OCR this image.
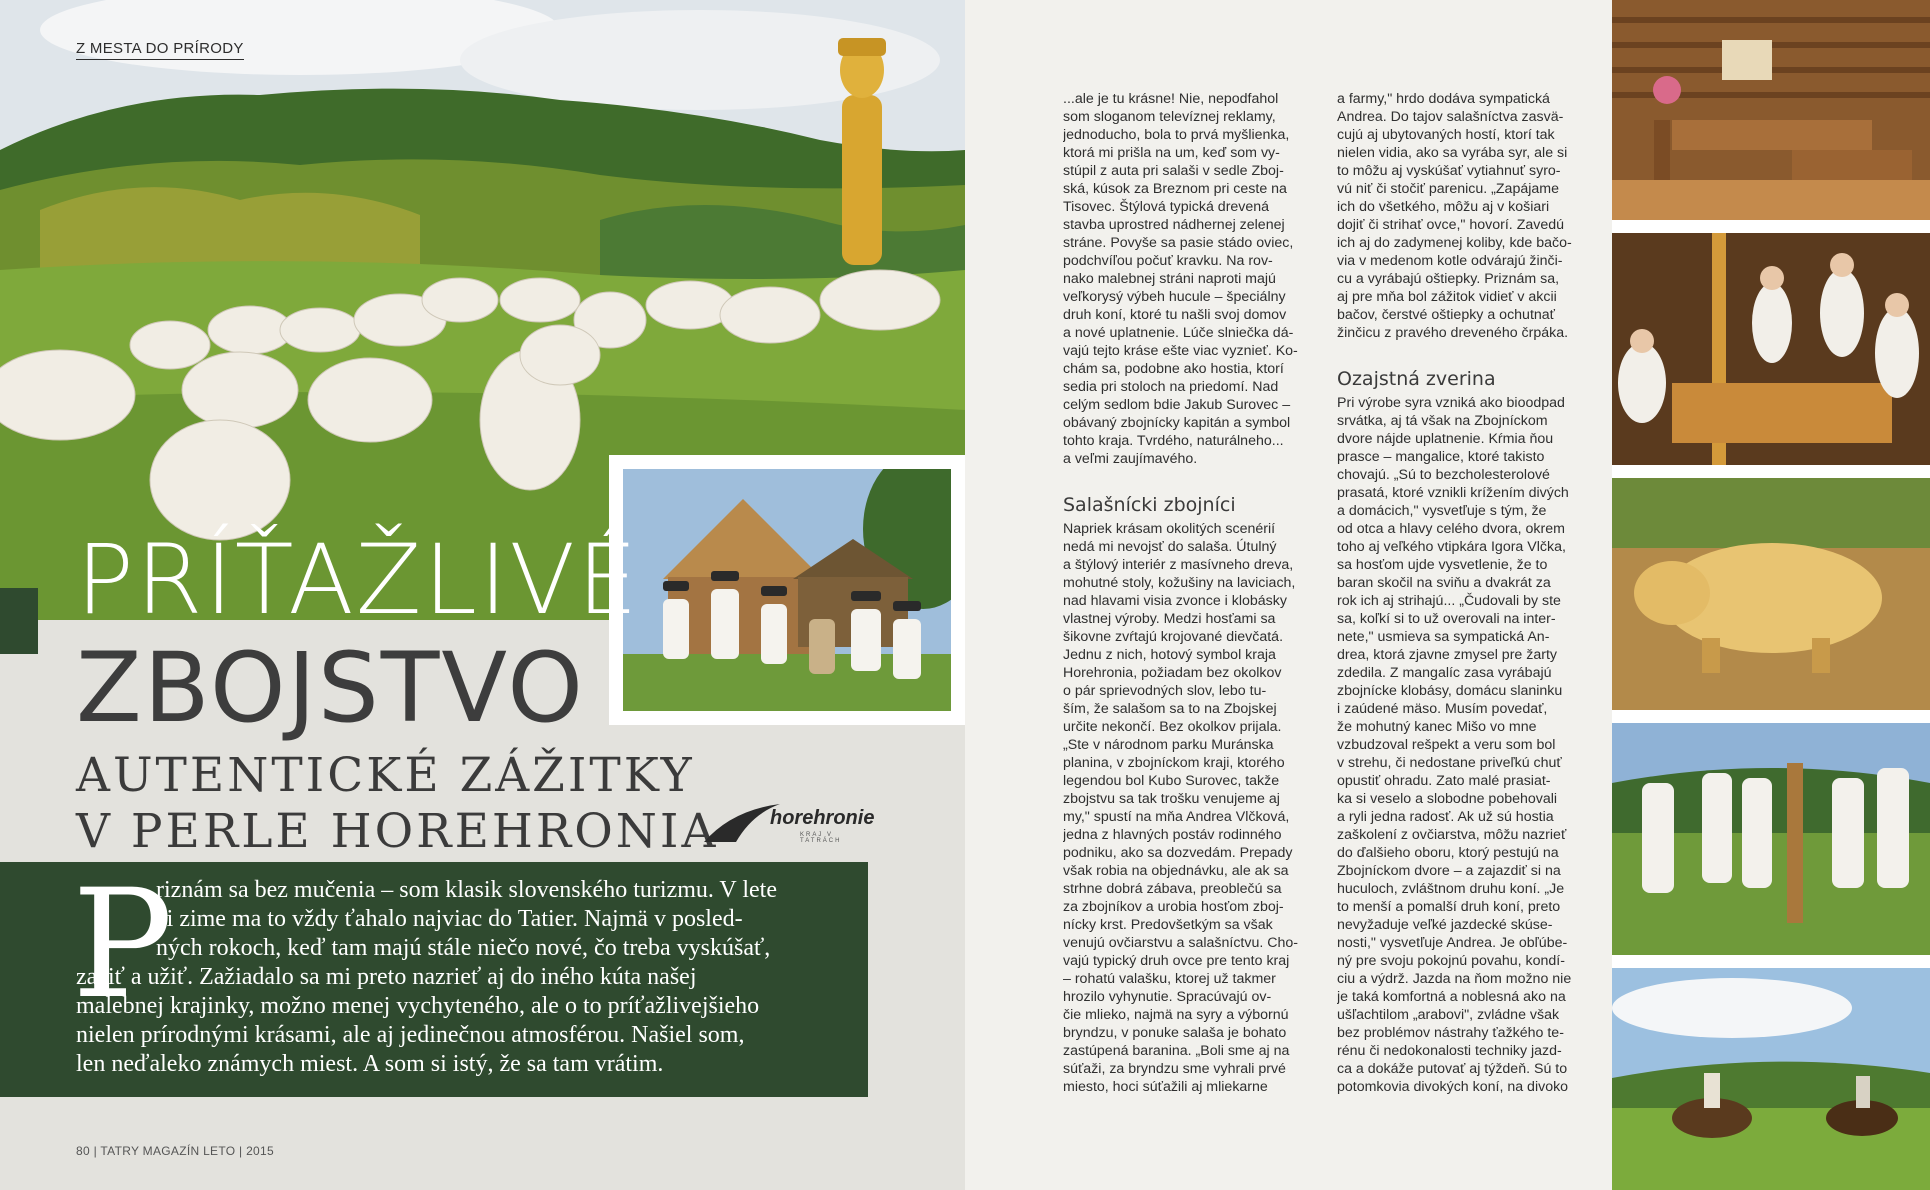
Z MESTA DO PRÍRODY
PRÍŤAŽLIVÉ
ZBOJSTVO
AUTENTICKÉ ZÁŽITKY
V PERLE HOREHRONIA	horehronie
KRAJ V TATRÁCH
P
riznám sa bez mučenia – som klasik slovenského turizmu. V lete
či zime ma to vždy ťahalo najviac do Tatier. Najmä v posled-
ných rokoch, keď tam majú stále niečo nové, čo treba vyskúšať,
zažiť a užiť. Zažiadalo sa mi preto nazrieť aj do iného kúta našej
malebnej krajinky, možno menej vychyteného, ale o to príťažlivejšieho
nielen prírodnými krásami, ale aj jedinečnou atmosférou. Našiel som,
len neďaleko známych miest. A som si istý, že sa tam vrátim.
80 | TATRY MAGAZÍN LETO | 2015
...ale je tu krásne! Nie, nepodfahol
som sloganom televíznej reklamy,
jednoducho, bola to prvá myšlienka,
ktorá mi prišla na um, keď som vy-
stúpil z auta pri salaši v sedle Zboj-
ská, kúsok za Breznom pri ceste na
Tisovec. Štýlová typická drevená
stavba uprostred nádhernej zelenej
stráne. Povyše sa pasie stádo oviec,
podchvíľou počuť kravku. Na rov-
nako malebnej stráni naproti majú
veľkorysý výbeh hucule – špeciálny
druh koní, ktoré tu našli svoj domov
a nové uplatnenie. Lúče slniečka dá-
vajú tejto kráse ešte viac vyznieť. Ko-
chám sa, podobne ako hostia, ktorí
sedia pri stoloch na priedomí. Nad
celým sedlom bdie Jakub Surovec –
obávaný zbojnícky kapitán a symbol
tohto kraja. Tvrdého, naturálneho...
a veľmi zaujímavého.
Salašnícki zbojníci
Napriek krásam okolitých scenérií
nedá mi nevojsť do salaša. Útulný
a štýlový interiér z masívneho dreva,
mohutné stoly, kožušiny na laviciach,
nad hlavami visia zvonce i klobásky
vlastnej výroby. Medzi hosťami sa
šikovne zvŕtajú krojované dievčatá.
Jednu z nich, hotový symbol kraja
Horehronia, požiadam bez okolkov
o pár sprievodných slov, lebo tu-
ším, že salašom sa to na Zbojskej
určite nekončí. Bez okolkov prijala.
„Ste v národnom parku Muránska
planina, v zbojníckom kraji, ktorého
legendou bol Kubo Surovec, takže
zbojstvu sa tak trošku venujeme aj
my," spustí na mňa Andrea Vlčková,
jedna z hlavných postáv rodinného
podniku, ako sa dozvedám. Prepady
však robia na objednávku, ale ak sa
strhne dobrá zábava, preoblečú sa
za zbojníkov a urobia hosťom zboj-
nícky krst. Predovšetkým sa však
venujú ovčiarstvu a salašníctvu. Cho-
vajú typický druh ovce pre tento kraj
– rohatú valašku, ktorej už takmer
hrozilo vyhynutie. Spracúvajú ov-
čie mlieko, najmä na syry a výbornú
bryndzu, v ponuke salaša je bohato
zastúpená baranina. „Boli sme aj na
súťaži, za bryndzu sme vyhrali prvé
miesto, hoci súťažili aj mliekarne
a farmy," hrdo dodáva sympatická
Andrea. Do tajov salašníctva zasvä-
cujú aj ubytovaných hostí, ktorí tak
nielen vidia, ako sa vyrába syr, ale si
to môžu aj vyskúšať vytiahnuť syro-
vú niť či stočiť parenicu. „Zapájame
ich do všetkého, môžu aj v košiari
dojiť či strihať ovce," hovorí. Zavedú
ich aj do zadymenej koliby, kde bačo-
via v medenom kotle odvárajú žinči-
cu a vyrábajú oštiepky. Priznám sa,
aj pre mňa bol zážitok vidieť v akcii
bačov, čerstvé oštiepky a ochutnať
žinčicu z pravého dreveného črpáka.
Ozajstná zverina
Pri výrobe syra vzniká ako bioodpad
srvátka, aj tá však na Zbojníckom
dvore nájde uplatnenie. Kŕmia ňou
prasce – mangalice, ktoré takisto
chovajú. „Sú to bezcholesterolové
prasatá, ktoré vznikli krížením divých
a domácich," vysvetľuje s tým, že
od otca a hlavy celého dvora, okrem
toho aj veľkého vtipkára Igora Vlčka,
sa hosťom ujde vysvetlenie, že to
baran skočil na sviňu a dvakrát za
rok ich aj strihajú... „Čudovali by ste
sa, koľkí si to už overovali na inter-
nete," usmieva sa sympatická An-
drea, ktorá zjavne zmysel pre žarty
zdedila. Z mangalíc zasa vyrábajú
zbojnícke klobásy, domácu slaninku
i zaúdené mäso. Musím povedať,
že mohutný kanec Mišo vo mne
vzbudzoval rešpekt a veru som bol
v strehu, či nedostane priveľkú chuť
opustiť ohradu. Zato malé prasiat-
ka si veselo a slobodne pobehovali
a ryli jedna radosť. Ak už sú hostia
zaškolení z ovčiarstva, môžu nazrieť
do ďalšieho oboru, ktorý pestujú na
Zbojníckom dvore – a zajazdiť si na
huculoch, zvláštnom druhu koní. „Je
to menší a pomalší druh koní, preto
nevyžaduje veľké jazdecké skúse-
nosti," vysvetľuje Andrea. Je obľúbe-
ný pre svoju pokojnú povahu, kondí-
ciu a výdrž. Jazda na ňom možno nie
je taká komfortná a noblesná ako na
ušľachtilom „arabovi", zvládne však
bez problémov nástrahy ťažkého te-
rénu či nedokonalosti techniky jazd-
ca a dokáže putovať aj týždeň. Sú to
potomkovia divokých koní, na divoko
